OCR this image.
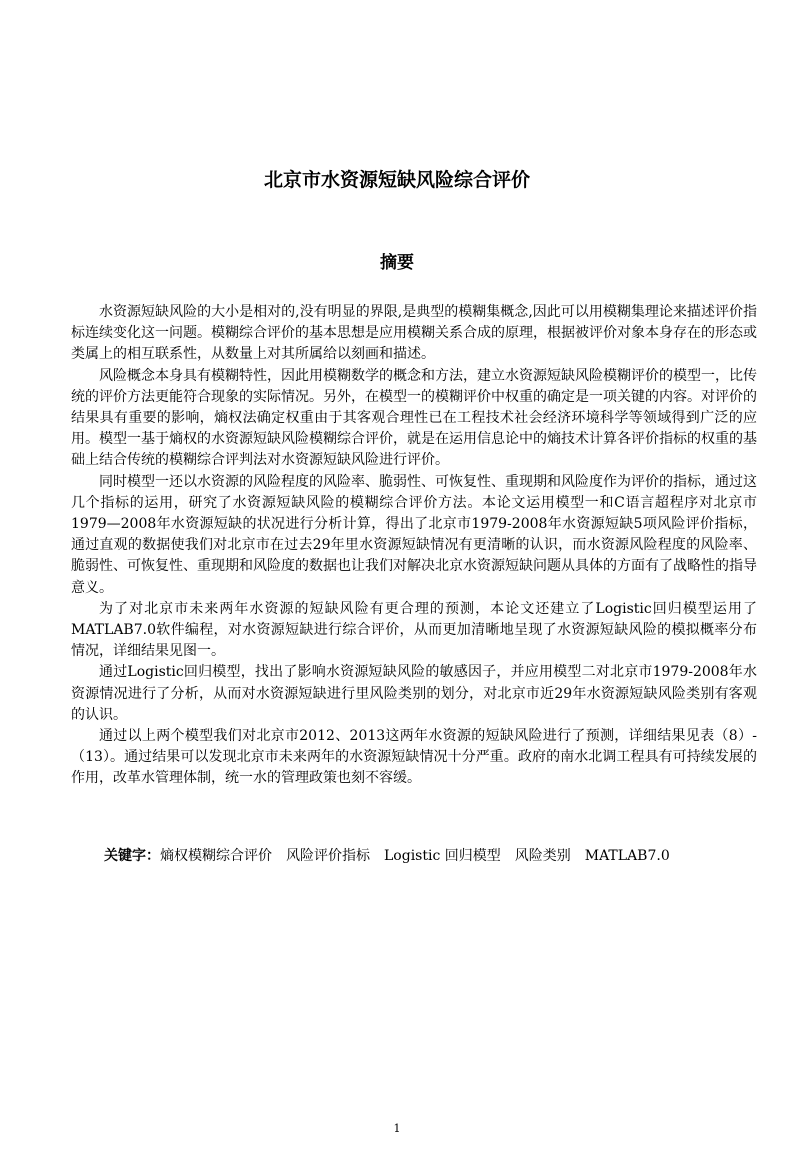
北京市水资源短缺风险综合评价
摘要

水资源短缺风险的大小是相对的,没有明显的界限,是典型的模糊集概念,因此可以用模糊集理论来描述评价指标连续变化这一问题。模糊综合评价的基本思想是应用模糊关系合成的原理，根据被评价对象本身存在的形态或类属上的相互联系性，从数量上对其所属给以刻画和描述。

风险概念本身具有模糊特性，因此用模糊数学的概念和方法，建立水资源短缺风险模糊评价的模型一，比传统的评价方法更能符合现象的实际情况。另外，在模型一的模糊评价中权重的确定是一项关键的内容。对评价的结果具有重要的影响，熵权法确定权重由于其客观合理性已在工程技术社会经济环境科学等领域得到广泛的应用。模型一基于熵权的水资源短缺风险模糊综合评价，就是在运用信息论中的熵技术计算各评价指标的权重的基础上结合传统的模糊综合评判法对水资源短缺风险进行评价。

同时模型一还以水资源的风险程度的风险率、脆弱性、可恢复性、重现期和风险度作为评价的指标，通过这几个指标的运用，研究了水资源短缺风险的模糊综合评价方法。本论文运用模型一和C语言超程序对北京市1979—2008年水资源短缺的状况进行分析计算，得出了北京市1979-2008年水资源短缺5项风险评价指标，通过直观的数据使我们对北京市在过去29年里水资源短缺情况有更清晰的认识，而水资源风险程度的风险率、脆弱性、可恢复性、重现期和风险度的数据也让我们对解决北京水资源短缺问题从具体的方面有了战略性的指导意义。

为了对北京市未来两年水资源的短缺风险有更合理的预测，本论文还建立了Logistic回归模型运用了MATLAB7.0软件编程，对水资源短缺进行综合评价，从而更加清晰地呈现了水资源短缺风险的模拟概率分布情况，详细结果见图一。

通过Logistic回归模型，找出了影响水资源短缺风险的敏感因子，并应用模型二对北京市1979-2008年水资源情况进行了分析，从而对水资源短缺进行里风险类别的划分，对北京市近29年水资源短缺风险类别有客观的认识。

通过以上两个模型我们对北京市2012、2013这两年水资源的短缺风险进行了预测，详细结果见表（8）-（13）。通过结果可以发现北京市未来两年的水资源短缺情况十分严重。政府的南水北调工程具有可持续发展的作用，改革水管理体制，统一水的管理政策也刻不容缓。

关键字：熵权模糊综合评价 风险评价指标 Logistic 回归模型 风险类别 MATLAB7.0
1
